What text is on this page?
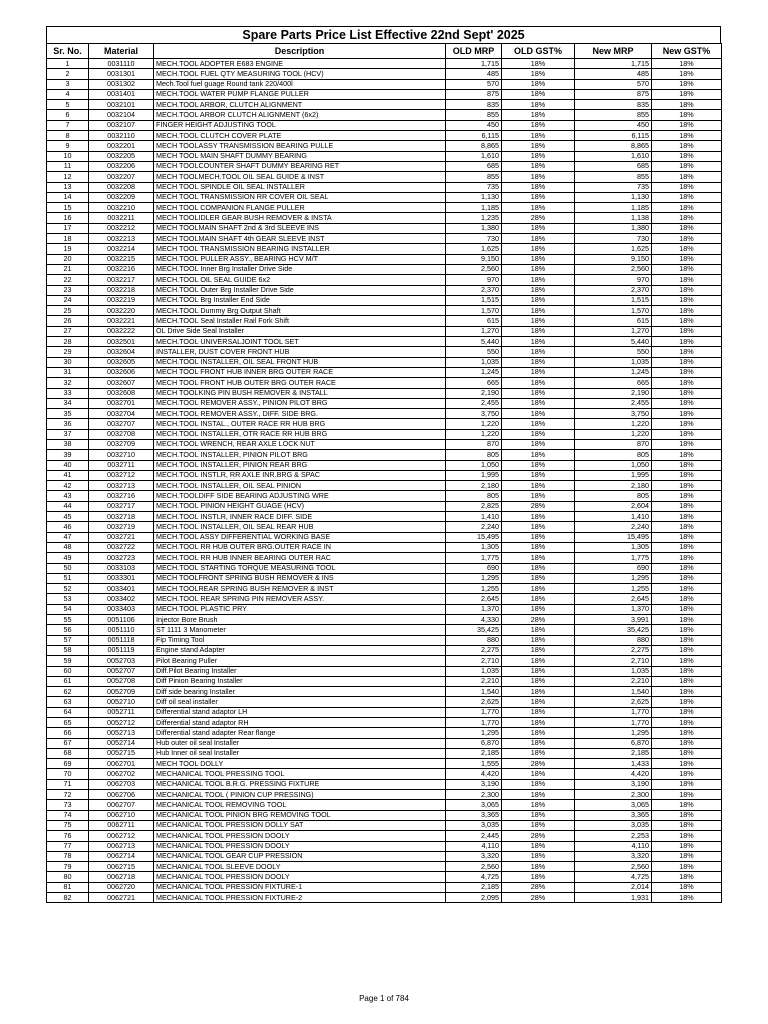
Spare Parts Price List Effective 22nd Sept' 2025
Sr. No.	Material	Description	OLD MRP	OLD GST%	New MRP	New GST%
1	0031110	MECH.TOOL ADOPTER E683 ENGINE	1,715	18%	1,715	18%
2	0031301	MECH.TOOL FUEL QTY MEASURING TOOL (HCV)	485	18%	485	18%
3	0031302	Mech.Tool fuel guage Round tank 220/400l	570	18%	570	18%
4	0031401	MECH.TOOL WATER PUMP FLANGE PULLER	875	18%	875	18%
5	0032101	MECH.TOOL ARBOR, CLUTCH ALIGNMENT	835	18%	835	18%
6	0032104	MECH.TOOL ARBOR CLUTCH ALIGNMENT (6x2)	855	18%	855	18%
7	0032107	FINGER HEIGHT ADJUSTING TOOL	450	18%	450	18%
8	0032110	MECH.TOOL CLUTCH COVER PLATE	6,115	18%	6,115	18%
9	0032201	MECH TOOLASSY TRANSMISSION BEARING PULLE	8,865	18%	8,865	18%
10	0032205	MECH TOOL MAIN SHAFT DUMMY BEARING	1,610	18%	1,610	18%
11	0032206	MECH TOOLCOUNTER SHAFT DUMMY BEARING RET	685	18%	685	18%
12	0032207	MECH TOOLMECH.TOOL OIL SEAL GUIDE & INST	855	18%	855	18%
13	0032208	MECH TOOL SPINDLE OIL SEAL INSTALLER	735	18%	735	18%
14	0032209	MECH TOOL TRANSMISSION RR COVER OIL SEAL	1,130	18%	1,130	18%
15	0032210	MECH TOOL COMPANION FLANGE PULLER	1,185	18%	1,185	18%
16	0032211	MECH TOOLIDLER GEAR BUSH REMOVER & INSTA	1,235	28%	1,138	18%
17	0032212	MECH TOOLMAIN SHAFT 2nd & 3rd SLEEVE INS	1,380	18%	1,380	18%
18	0032213	MECH TOOLMAIN SHAFT 4th GEAR SLEEVE INST	730	18%	730	18%
19	0032214	MECH TOOL TRANSMISSION BEARING INSTALLER	1,625	18%	1,625	18%
20	0032215	MECH.TOOL PULLER ASSY., BEARING HCV M/T	9,150	18%	9,150	18%
21	0032216	MECH.TOOL Inner Brg Installer Drive Side	2,560	18%	2,560	18%
22	0032217	MECH.TOOL OIL SEAL GUIDE 6x2	970	18%	970	18%
23	0032218	MECH.TOOL Outer Brg Installer Drive Side	2,370	18%	2,370	18%
24	0032219	MECH.TOOL Brg Installer End Side	1,515	18%	1,515	18%
25	0032220	MECH.TOOL Dummy Brg Output Shaft	1,570	18%	1,570	18%
26	0032221	MECH.TOOL Seal Installer Rail Fork Shift	615	18%	615	18%
27	0032222	OL Drive Side Seal Installer	1,270	18%	1,270	18%
28	0032501	MECH.TOOL UNIVERSALJOINT TOOL SET	5,440	18%	5,440	18%
29	0032604	INSTALLER, DUST COVER FRONT HUB	550	18%	550	18%
30	0032605	MECH.TOOL INSTALLER, OIL SEAL FRONT HUB	1,035	18%	1,035	18%
31	0032606	MECH TOOL FRONT HUB INNER BRG OUTER RACE	1,245	18%	1,245	18%
32	0032607	MECH TOOL FRONT HUB OUTER BRG OUTER RACE	665	18%	665	18%
33	0032608	MECH TOOLKING PIN BUSH REMOVER & INSTALL	2,190	18%	2,190	18%
34	0032701	MECH.TOOL REMOVER ASSY., PINION PILOT BRG	2,455	18%	2,455	18%
35	0032704	MECH.TOOL REMOVER ASSY., DIFF. SIDE BRG.	3,750	18%	3,750	18%
36	0032707	MECH.TOOL INSTAL., OUTER RACE RR HUB BRG	1,220	18%	1,220	18%
37	0032708	MECH.TOOL INSTALLER, OTR RACE RR HUB BRG	1,220	18%	1,220	18%
38	0032709	MECH.TOOL WRENCH, REAR AXLE LOCK NUT	870	18%	870	18%
39	0032710	MECH.TOOL INSTALLER, PINION PILOT BRG	805	18%	805	18%
40	0032711	MECH.TOOL INSTALLER, PINION REAR BRG	1,050	18%	1,050	18%
41	0032712	MECH.TOOL INSTLR, RR AXLE INR.BRG & SPAC	1,995	18%	1,995	18%
42	0032713	MECH.TOOL INSTALLER, OIL SEAL PINION	2,180	18%	2,180	18%
43	0032716	MECH.TOOLDIFF SIDE BEARING ADJUSTING WRE	805	18%	805	18%
44	0032717	MECH.TOOL PINION HEIGHT GUAGE (HCV)	2,825	28%	2,604	18%
45	0032718	MECH.TOOL INSTLR, INNER RACE DIFF. SIDE	1,410	18%	1,410	18%
46	0032719	MECH.TOOL INSTALLER, OIL SEAL REAR HUB	2,240	18%	2,240	18%
47	0032721	MECH.TOOL ASSY DIFFERENTIAL WORKING BASE	15,495	18%	15,495	18%
48	0032722	MECH.TOOL RR HUB OUTER BRG.OUTER RACE IN	1,305	18%	1,305	18%
49	0032723	MECH.TOOL RR HUB INNER BEARING OUTER RAC	1,775	18%	1,775	18%
50	0033103	MECH.TOOL STARTING TORQUE MEASURING TOOL	690	18%	690	18%
51	0033301	MECH TOOLFRONT SPRING BUSH REMOVER & INS	1,295	18%	1,295	18%
52	0033401	MECH TOOLREAR SPRING BUSH REMOVER & INST	1,255	18%	1,255	18%
53	0033402	MECH.TOOL REAR SPRING PIN REMOVER ASSY.	2,645	18%	2,645	18%
54	0033403	MECH.TOOL PLASTIC PRY	1,370	18%	1,370	18%
55	0051106	Injector Bore Brush	4,330	28%	3,991	18%
56	0051110	ST 1111 3 Manometer	35,425	18%	35,425	18%
57	0051118	Fip Timing Tool	880	18%	880	18%
58	0051119	Engine stand Adapter	2,275	18%	2,275	18%
59	0052703	Pilot Bearing Puller	2,710	18%	2,710	18%
60	0052707	Diff.Pilot Bearing Installer	1,035	18%	1,035	18%
61	0052708	Diff Pinion Bearing Installer	2,210	18%	2,210	18%
62	0052709	Diff side bearing Installer	1,540	18%	1,540	18%
63	0052710	Diff oil seal installer	2,625	18%	2,625	18%
64	0052711	Differential stand adaptor LH	1,770	18%	1,770	18%
65	0052712	Differential stand adaptor RH	1,770	18%	1,770	18%
66	0052713	Differential stand adapter Rear flange	1,295	18%	1,295	18%
67	0052714	Hub outer oil seal Installer	6,870	18%	6,870	18%
68	0052715	Hub Inner oil seal Installer	2,185	18%	2,185	18%
69	0062701	MECH TOOL DOLLY	1,555	28%	1,433	18%
70	0062702	MECHANICAL TOOL PRESSING TOOL	4,420	18%	4,420	18%
71	0062703	MECHANICAL TOOL B.R.G. PRESSING FIXTURE	3,190	18%	3,190	18%
72	0062706	MECHANICAL TOOL ( PINION CUP PRESSING)	2,300	18%	2,300	18%
73	0062707	MECHANICAL TOOL REMOVING TOOL	3,065	18%	3,065	18%
74	0062710	MECHANICAL TOOL PINION BRG REMOVING TOOL	3,365	18%	3,365	18%
75	0062711	MECHANICAL TOOL PRESSION DOLLY SAT	3,035	18%	3,035	18%
76	0062712	MECHANICAL TOOL PRESSION DOOLY	2,445	28%	2,253	18%
77	0062713	MECHANICAL TOOL PRESSION DOOLY	4,110	18%	4,110	18%
78	0062714	MECHANICAL TOOL GEAR CUP PRESSION	3,320	18%	3,320	18%
79	0062715	MECHANICAL TOOL SLEEVE DOOLY	2,560	18%	2,560	18%
80	0062718	MECHANICAL TOOL PRESSION DOOLY	4,725	18%	4,725	18%
81	0062720	MECHANICAL TOOL PRESSION FIXTURE-1	2,185	28%	2,014	18%
82	0062721	MECHANICAL TOOL PRESSION FIXTURE-2	2,095	28%	1,931	18%
Page 1 of 784
